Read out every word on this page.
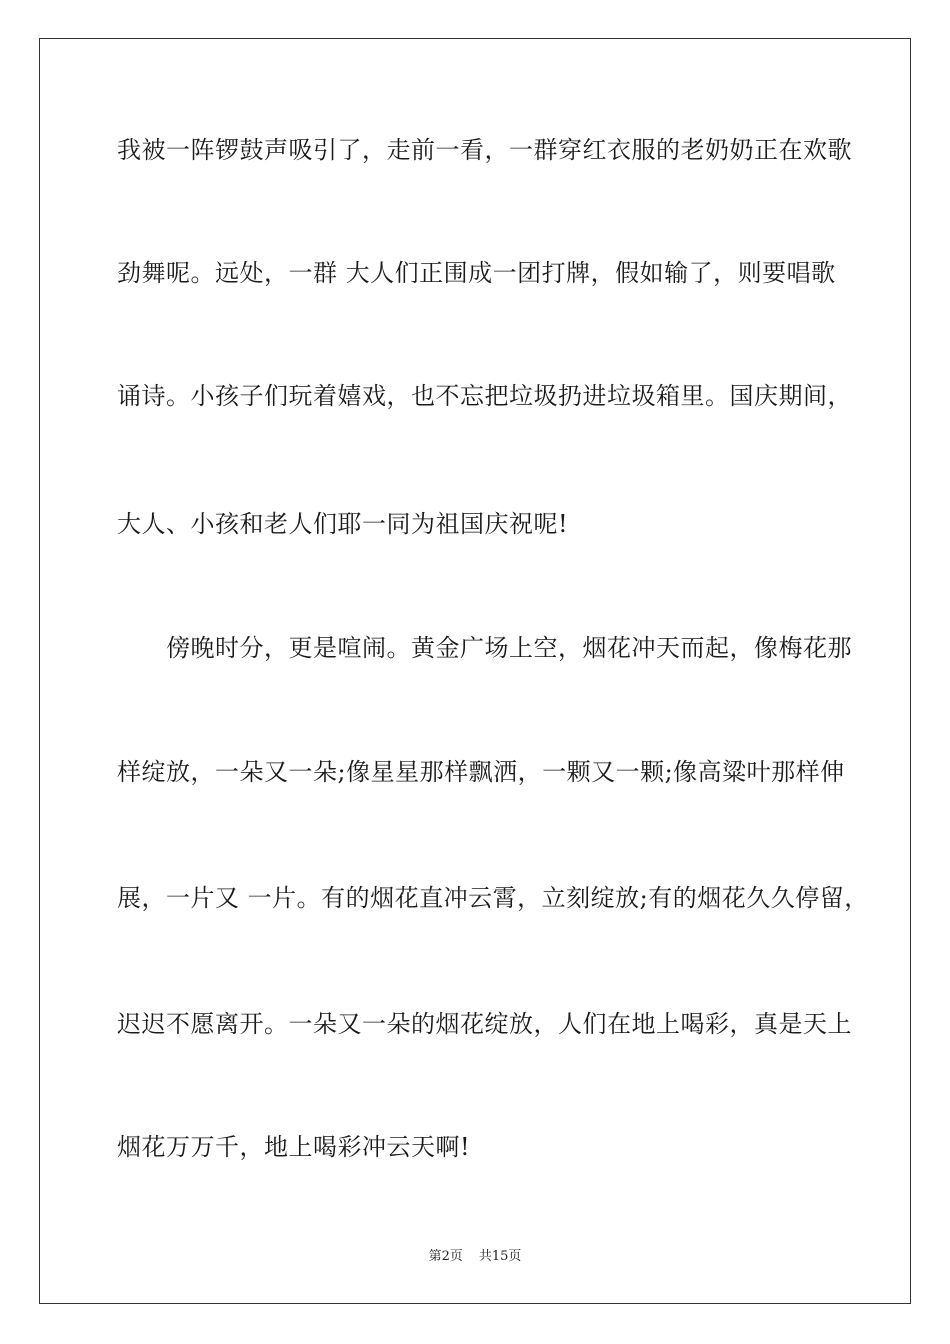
我被一阵锣鼓声吸引了，走前一看，一群穿红衣服的老奶奶正在欢歌
劲舞呢。远处，一群 大人们正围成一团打牌，假如输了，则要唱歌
诵诗。小孩子们玩着嬉戏，也不忘把垃圾扔进垃圾箱里。国庆期间，
大人、小孩和老人们耶一同为祖国庆祝呢!
　　傍晚时分，更是喧闹。黄金广场上空，烟花冲天而起，像梅花那
样绽放，一朵又一朵;像星星那样飘洒，一颗又一颗;像高粱叶那样伸
展，一片又 一片。有的烟花直冲云霄，立刻绽放;有的烟花久久停留，
迟迟不愿离开。一朵又一朵的烟花绽放，人们在地上喝彩，真是天上
烟花万万千，地上喝彩冲云天啊!
第2页 共15页
